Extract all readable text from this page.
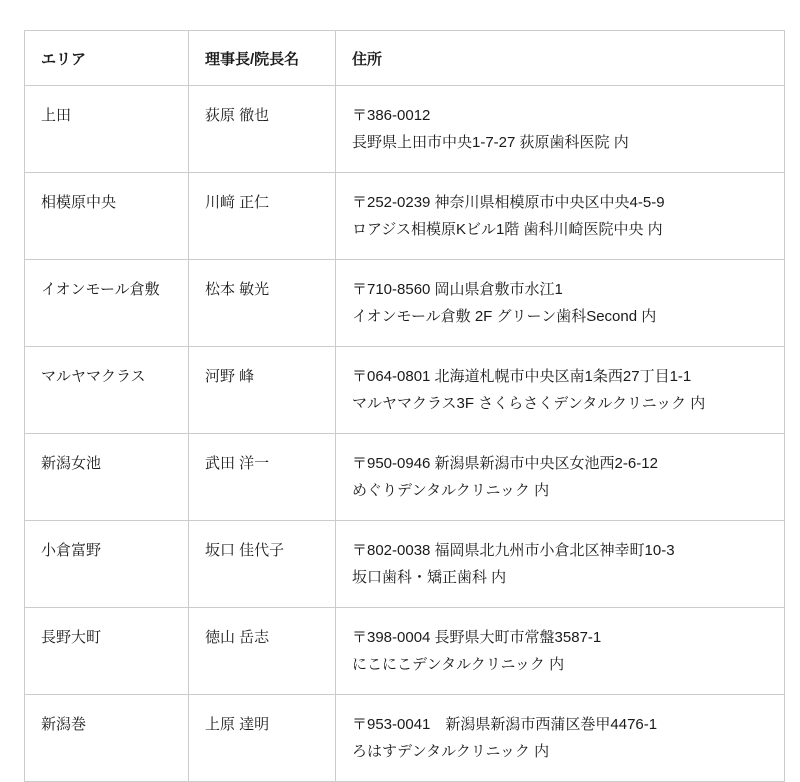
エリア	理事長/院長名	住所
上田	荻原 徹也	〒386-0012
長野県上田市中央1-7-27 荻原歯科医院 内

相模原中央	川﨑 正仁	〒252-0239 神奈川県相模原市中央区中央4-5-9
ロアジス相模原Kビル1階 歯科川崎医院中央 内

イオンモール倉敷	松本 敏光	〒710-8560 岡山県倉敷市水江1
イオンモール倉敷 2F グリーン歯科Second 内

マルヤマクラス	河野 峰	〒064-0801 北海道札幌市中央区南1条西27丁目1-1
マルヤマクラス3F さくらさくデンタルクリニック 内

新潟女池	武田 洋一	〒950-0946 新潟県新潟市中央区女池西2-6-12
めぐりデンタルクリニック 内

小倉富野	坂口 佳代子	〒802-0038 福岡県北九州市小倉北区神幸町10-3
坂口歯科・矯正歯科 内

長野大町	徳山 岳志	〒398-0004 長野県大町市常盤3587-1
にこにこデンタルクリニック 内

新潟巻	上原 達明	〒953-0041　新潟県新潟市西蒲区巻甲4476-1
ろはすデンタルクリニック 内
